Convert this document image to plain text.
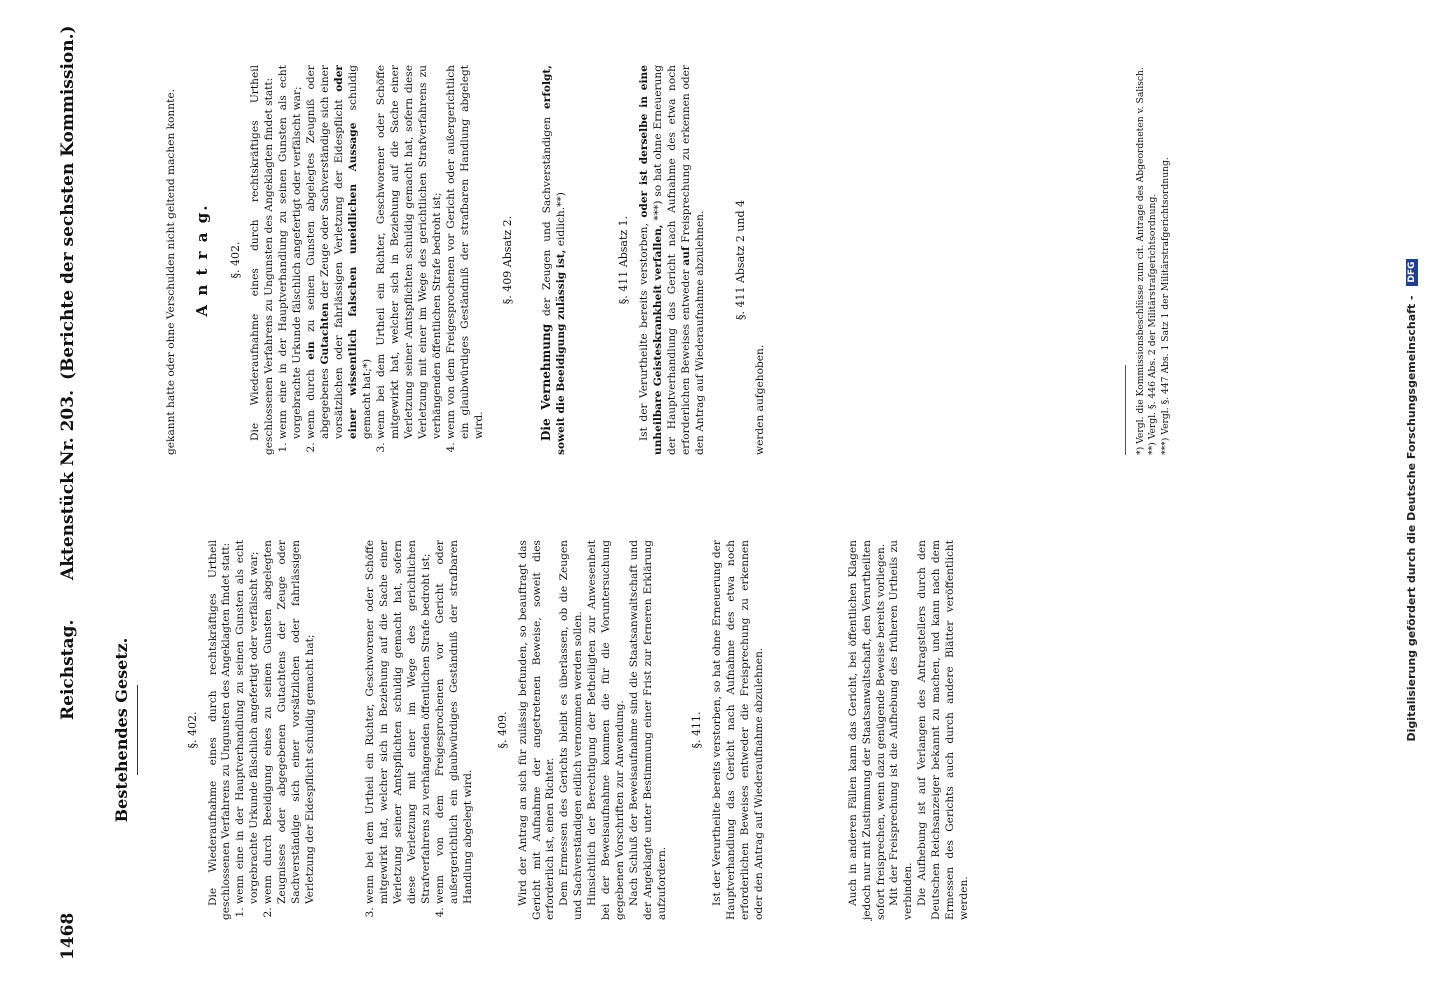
1468
Reichstag.
Aktenstück Nr. 203.
(Berichte der sechsten Kommission.)
Bestehendes Gesetz.	§. 402. Die Wiederaufnahme eines durch rechtskräftiges Urtheil geschlossenen Verfahrens zu Ungunsten des Angeklagten findet statt: 1. wenn eine in der Hauptverhandlung zu seinen Gunsten als echt vorgebrachte Urkunde fälschlich angefertigt oder verfälscht war; 2. wenn durch Beeidigung eines zu seinen Gunsten abgelegten Zeugnisses oder abgegebenen Gutachtens der Zeuge oder Sachverständige sich einer vorsätzlichen oder fahrlässigen Verletzung der Eidespflicht schuldig gemacht hat;	3. wenn bei dem Urtheil ein Richter, Geschworener oder Schöffe mitgewirkt hat, welcher sich in Beziehung auf die Sache einer Verletzung seiner Amtspflichten schuldig gemacht hat, sofern diese Verletzung mit einer im Wege des gerichtlichen Strafverfahrens zu verhängenden öffentlichen Strafe bedroht ist; 4. wenn von dem Freigesprochenen vor Gericht oder außergerichtlich ein glaubwürdiges Geständniß der strafbaren Handlung abgelegt wird.
§. 409. Wird der Antrag an sich für zulässig befunden, so beauftragt das Gericht mit Aufnahme der angetretenen Beweise, soweit dies erforderlich ist, einen Richter. Dem Ermessen des Gerichts bleibt es überlassen, ob die Zeugen und Sachverständigen eidlich vernommen werden sollen. Hinsichtlich der Berechtigung der Betheiligten zur Anwesenheit bei der Beweisaufnahme kommen die für die Voruntersuchung gegebenen Vorschriften zur Anwendung. Nach Schluß der Beweisaufnahme sind die Staatsanwaltschaft und der Angeklagte unter Bestimmung einer Frist zur ferneren Erklärung aufzufordern.

§. 411. Ist der Verurtheilte bereits verstorben, so hat ohne Erneuerung der Hauptverhandlung das Gericht nach Aufnahme des etwa noch erforderlichen Beweises entweder die Freisprechung zu erkennen oder den Antrag auf Wiederaufnahme abzulehnen.	Auch in anderen Fällen kann das Gericht, bei öffentlichen Klagen jedoch nur mit Zustimmung der Staatsanwaltschaft, den Verurtheilten sofort freisprechen, wenn dazu genügende Beweise bereits vorliegen. Mit der Freisprechung ist die Aufhebung des früheren Urtheils zu verbinden. Die Aufhebung ist auf Verlangen des Antragstellers durch den Deutschen Reichsanzeiger bekannt zu machen, und kann nach dem Ermessen des Gerichts auch durch andere Blätter veröffentlicht werden.

gekannt hatte oder ohne Verschulden nicht geltend machen konnte. A n t r a g. §. 402. Die Wiederaufnahme eines durch rechtskräftiges Urtheil geschlossenen Verfahrens zu Ungunsten des Angeklagten findet statt: 1. wenn eine in der Hauptverhandlung zu seinen Gunsten als echt vorgebrachte Urkunde fälschlich angefertigt oder verfälscht war; 2. wenn durch ein zu seinen Gunsten abgelegtes Zeugniß oder abgegebenes Gutachten der Zeuge oder Sachverständige sich einer vorsätzlichen oder fahrlässigen Verletzung der Eidespflicht oder einer wissentlich falschen uneidlichen Aussage schuldig gemacht hat;*) 3. wenn bei dem Urtheil ein Richter, Geschworener oder Schöffe mitgewirkt hat, welcher sich in Beziehung auf die Sache einer Verletzung seiner Amtspflichten schuldig gemacht hat, sofern diese Verletzung mit einer im Wege des gerichtlichen Strafverfahrens zu verhängenden öffentlichen Strafe bedroht ist; 4. wenn von dem Freigesprochenen vor Gericht oder außergerichtlich ein glaubwürdiges Geständniß der strafbaren Handlung abgelegt wird.
§. 409 Absatz 2.

Die Vernehmung der Zeugen und Sachverständigen erfolgt, soweit die Beeidigung zulässig ist, eidlich.**)	§. 411 Absatz 1. Ist der Verurtheilte bereits verstorben, oder ist derselbe in eine unheilbare Geisteskrankheit verfallen, ***) so hat ohne Erneuerung der Hauptverhandlung das Gericht nach Aufnahme des etwa noch erforderlichen Beweises entweder auf Freisprechung zu erkennen oder den Antrag auf Wiederaufnahme abzulehnen.	§. 411 Absatz 2 und 4

werden aufgehoben.	*) Vergl. die Kommissionsbeschlüsse zum cit. Antrage des Abgeordneten v. Salisch. **) Vergl. §. 446 Abs. 2 der Militärstrafgerichtsordnung. ***) Vergl. §. 447 Abs. 1 Satz 1 der Militärstrafgerichtsordnung.	Digitalisierung gefördert durch die Deutsche Forschungsgemeinschaft - DFG
